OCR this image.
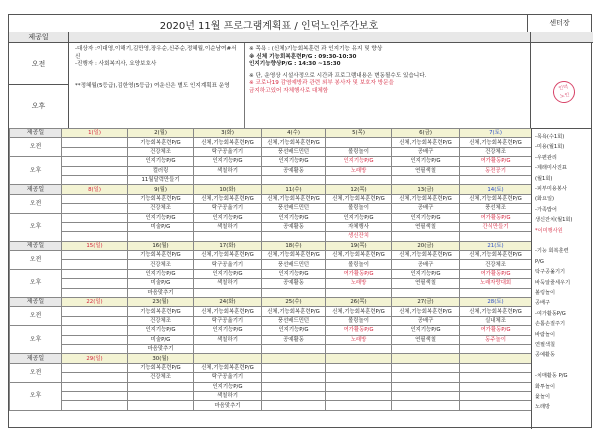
2020년 11월 프로그램계획표 / 인덕노인주간보호	센터장
제공일
오전
오후
-대상자 :이대영,이해기,김만영,장우순,신주순,정혜월,이순남여#서신
-진행자 : 사회복지사, 요양보호사
**정혜월(5등급),김한영(5등급) 여운신은 별도 인지계획표 운영
※ 목욕 : (신체)기능회복훈련 과 인지기능 유지 및 향상
※ 신체 기능회복훈련P/G : 09:30-10:30
인지기능향상P/G : 14:30 ~15:30
※ 단, 운영상 시설사정으로 시간과 프로그램내용은 변동될수도 있습니다.
※ 코로나19 감염예방과 관련 외부 봉사자 및 보호자 방문을
금지하고있어 자체행사로 대체함	인덕
노인
제공일	1(일)	2(월)	3(화)	4(수)	5(목)	6(금)	7(토)
오전		기능회복훈련P/G	신체,기능회복훈련P/G	신체,기능회복훈련P/G		신체,기능회복훈련P/G	신체,기능회복훈련P/G
		건강체조	탁구공옮기기	풍선배드민턴	볼링놀이	공배구	건강체조
오후		인지기능P/G	인지기능P/G	인지기능P/G	인지기능P/G	인지기능P/G	여가활동P/G
		컬러링	색칠하기	공예활동	노래방	연필색칠	동전공기
		11월달력만들기					
제공일	8(일)	9(월)	10(화)	11(수)	12(목)	13(금)	14(토)
오전		기능회복훈련P/G	신체,기능회복훈련P/G	신체,기능회복훈련P/G	신체,기능회복훈련P/G	신체,기능회복훈련P/G	신체,기능회복훈련P/G
		건강체조	탁구공옮기기	풍선배드민턴	볼링놀이	공배구	풍선체조
오후		인지기능P/G	인지기능P/G	인지기능P/G	인지기능P/G	인지기능P/G	여가활동P/G
		미술P/G	색칠하기	공예활동	자체행사	연필색칠	간식만들기
					생신잔치		
제공일	15(일)	16(월)	17(화)	18(수)	19(목)	20(금)	21(토)
오전		기능회복훈련P/G	신체,기능회복훈련P/G	신체,기능회복훈련P/G	신체,기능회복훈련P/G	신체,기능회복훈련P/G	신체,기능회복훈련P/G
		건강체조	탁구공옮기기	풍선배드민턴	볼링놀이	공배구	건강체조
오후		인지기능P/G	인지기능P/G	인지기능P/G	여가활동P/G	인지기능P/G	여가활동P/G
		미술P/G	색칠하기	공예활동	노래방	연필색칠	노래자랑대회
		마음맞추기					
제공일	22(일)	23(월)	24(화)	25(수)	26(목)	27(금)	28(토)
오전		기능회복훈련P/G	신체,기능회복훈련P/G	신체,기능회복훈련P/G	신체,기능회복훈련P/G	신체,기능회복훈련P/G	신체,기능회복훈련P/G
		건강체조	탁구공옮기기	풍선배드민턴	볼링놀이	공배구	실내체조
오후		인지기능P/G	인지기능P/G	인지기능P/G	여가활동P/G	인지기능P/G	여가활동P/G
		미술P/G	색칠하기	공예활동	노래방	연필색칠	동주놀이
		마음맞추기					
제공일	29(일)	30(월)					
오전		기능회복훈련P/G	신체,기능회복훈련P/G				
		건강체조	탁구공옮기기				
오후			인지기능P/G				
			색칠하기				
			마음맞추기				
-목욕(수1회)
-미용(월1회)
-우편관리
-제래미사진표
(월1회)
-피부미용봉사
(화요일)
-가족밥어
생신잔치(월1회)
*이미행사원
-기능 회복훈련
P/G
탁구공옮기기
바둑알줄세우기
볼링놀이
공배구
-여가활동P/G
손톱손질주기
바람놀이
연필색칠
공예활동
-치매활동 P/G
화투놀이
윷놀이
노래방
